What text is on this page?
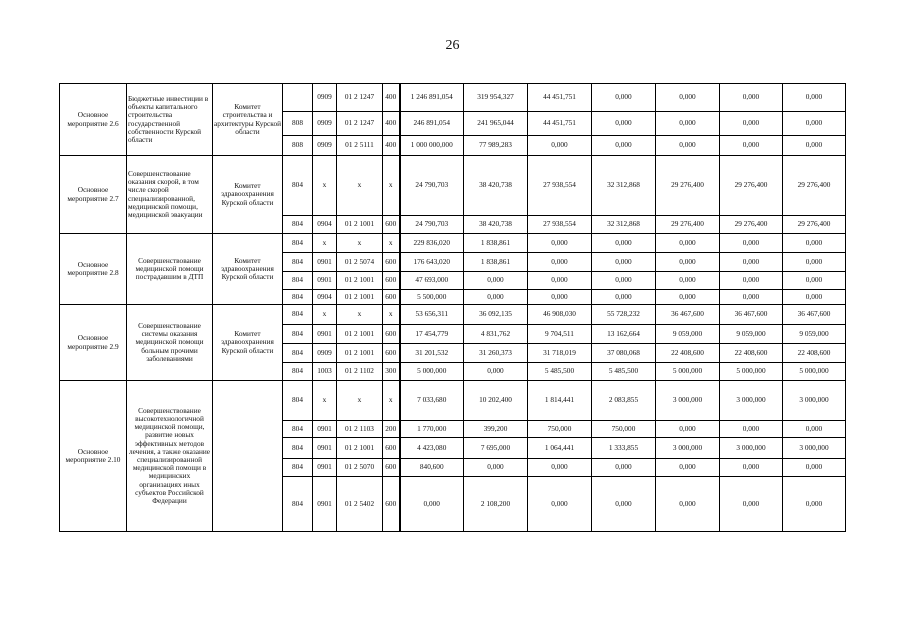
26
Основное мероприятие 2.6	Бюджетные инвестиции в объекты капитального строительства государственной собственности Курской области	Комитет строительства и архитектуры Курской области		0909	01 2 1247	400	1 246 891,054	319 954,327	44 451,751	0,000	0,000	0,000	0,000
			808	0909	01 2 1247	400	246 891,054	241 965,044	44 451,751	0,000	0,000	0,000	0,000
			808	0909	01 2 5111	400	1 000 000,000	77 989,283	0,000	0,000	0,000	0,000	0,000
Основное мероприятие 2.7	Совершенствование оказания скорой, в том числе скорой специализированной, медицинской помощи, медицинской эвакуации	Комитет здравоохранения Курской области	804	x	x	x	24 790,703	38 420,738	27 938,554	32 312,868	29 276,400	29 276,400	29 276,400
			804	0904	01 2 1001	600	24 790,703	38 420,738	27 938,554	32 312,868	29 276,400	29 276,400	29 276,400
Основное мероприятие 2.8	Совершенствование медицинской помощи пострадавшим в ДТП	Комитет здравоохранения Курской области	804	x	x	x	229 836,020	1 838,861	0,000	0,000	0,000	0,000	0,000
			804	0901	01 2 5074	600	176 643,020	1 838,861	0,000	0,000	0,000	0,000	0,000
			804	0901	01 2 1001	600	47 693,000	0,000	0,000	0,000	0,000	0,000	0,000
			804	0904	01 2 1001	600	5 500,000	0,000	0,000	0,000	0,000	0,000	0,000
Основное мероприятие 2.9	Совершенствование системы оказания медицинской помощи больным прочими заболеваниями	Комитет здравоохранения Курской области	804	x	x	x	53 656,311	36 092,135	46 908,030	55 728,232	36 467,600	36 467,600	36 467,600
			804	0901	01 2 1001	600	17 454,779	4 831,762	9 704,511	13 162,664	9 059,000	9 059,000	9 059,000
			804	0909	01 2 1001	600	31 201,532	31 260,373	31 718,019	37 080,068	22 408,600	22 408,600	22 408,600
			804	1003	01 2 1102	300	5 000,000	0,000	5 485,500	5 485,500	5 000,000	5 000,000	5 000,000
Основное мероприятие 2.10	Совершенствование высокотехнологичной медицинской помощи, развитие новых эффективных методов лечения, а также оказание специализированной медицинской помощи в медицинских организациях иных субъектов Российской Федерации		804	x	x	x	7 033,680	10 202,400	1 814,441	2 083,855	3 000,000	3 000,000	3 000,000
			804	0901	01 2 1103	200	1 770,000	399,200	750,000	750,000	0,000	0,000	0,000
			804	0901	01 2 1001	600	4 423,080	7 695,000	1 064,441	1 333,855	3 000,000	3 000,000	3 000,000
			804	0901	01 2 5070	600	840,600	0,000	0,000	0,000	0,000	0,000	0,000
			804	0901	01 2 5402	600	0,000	2 108,200	0,000	0,000	0,000	0,000	0,000
